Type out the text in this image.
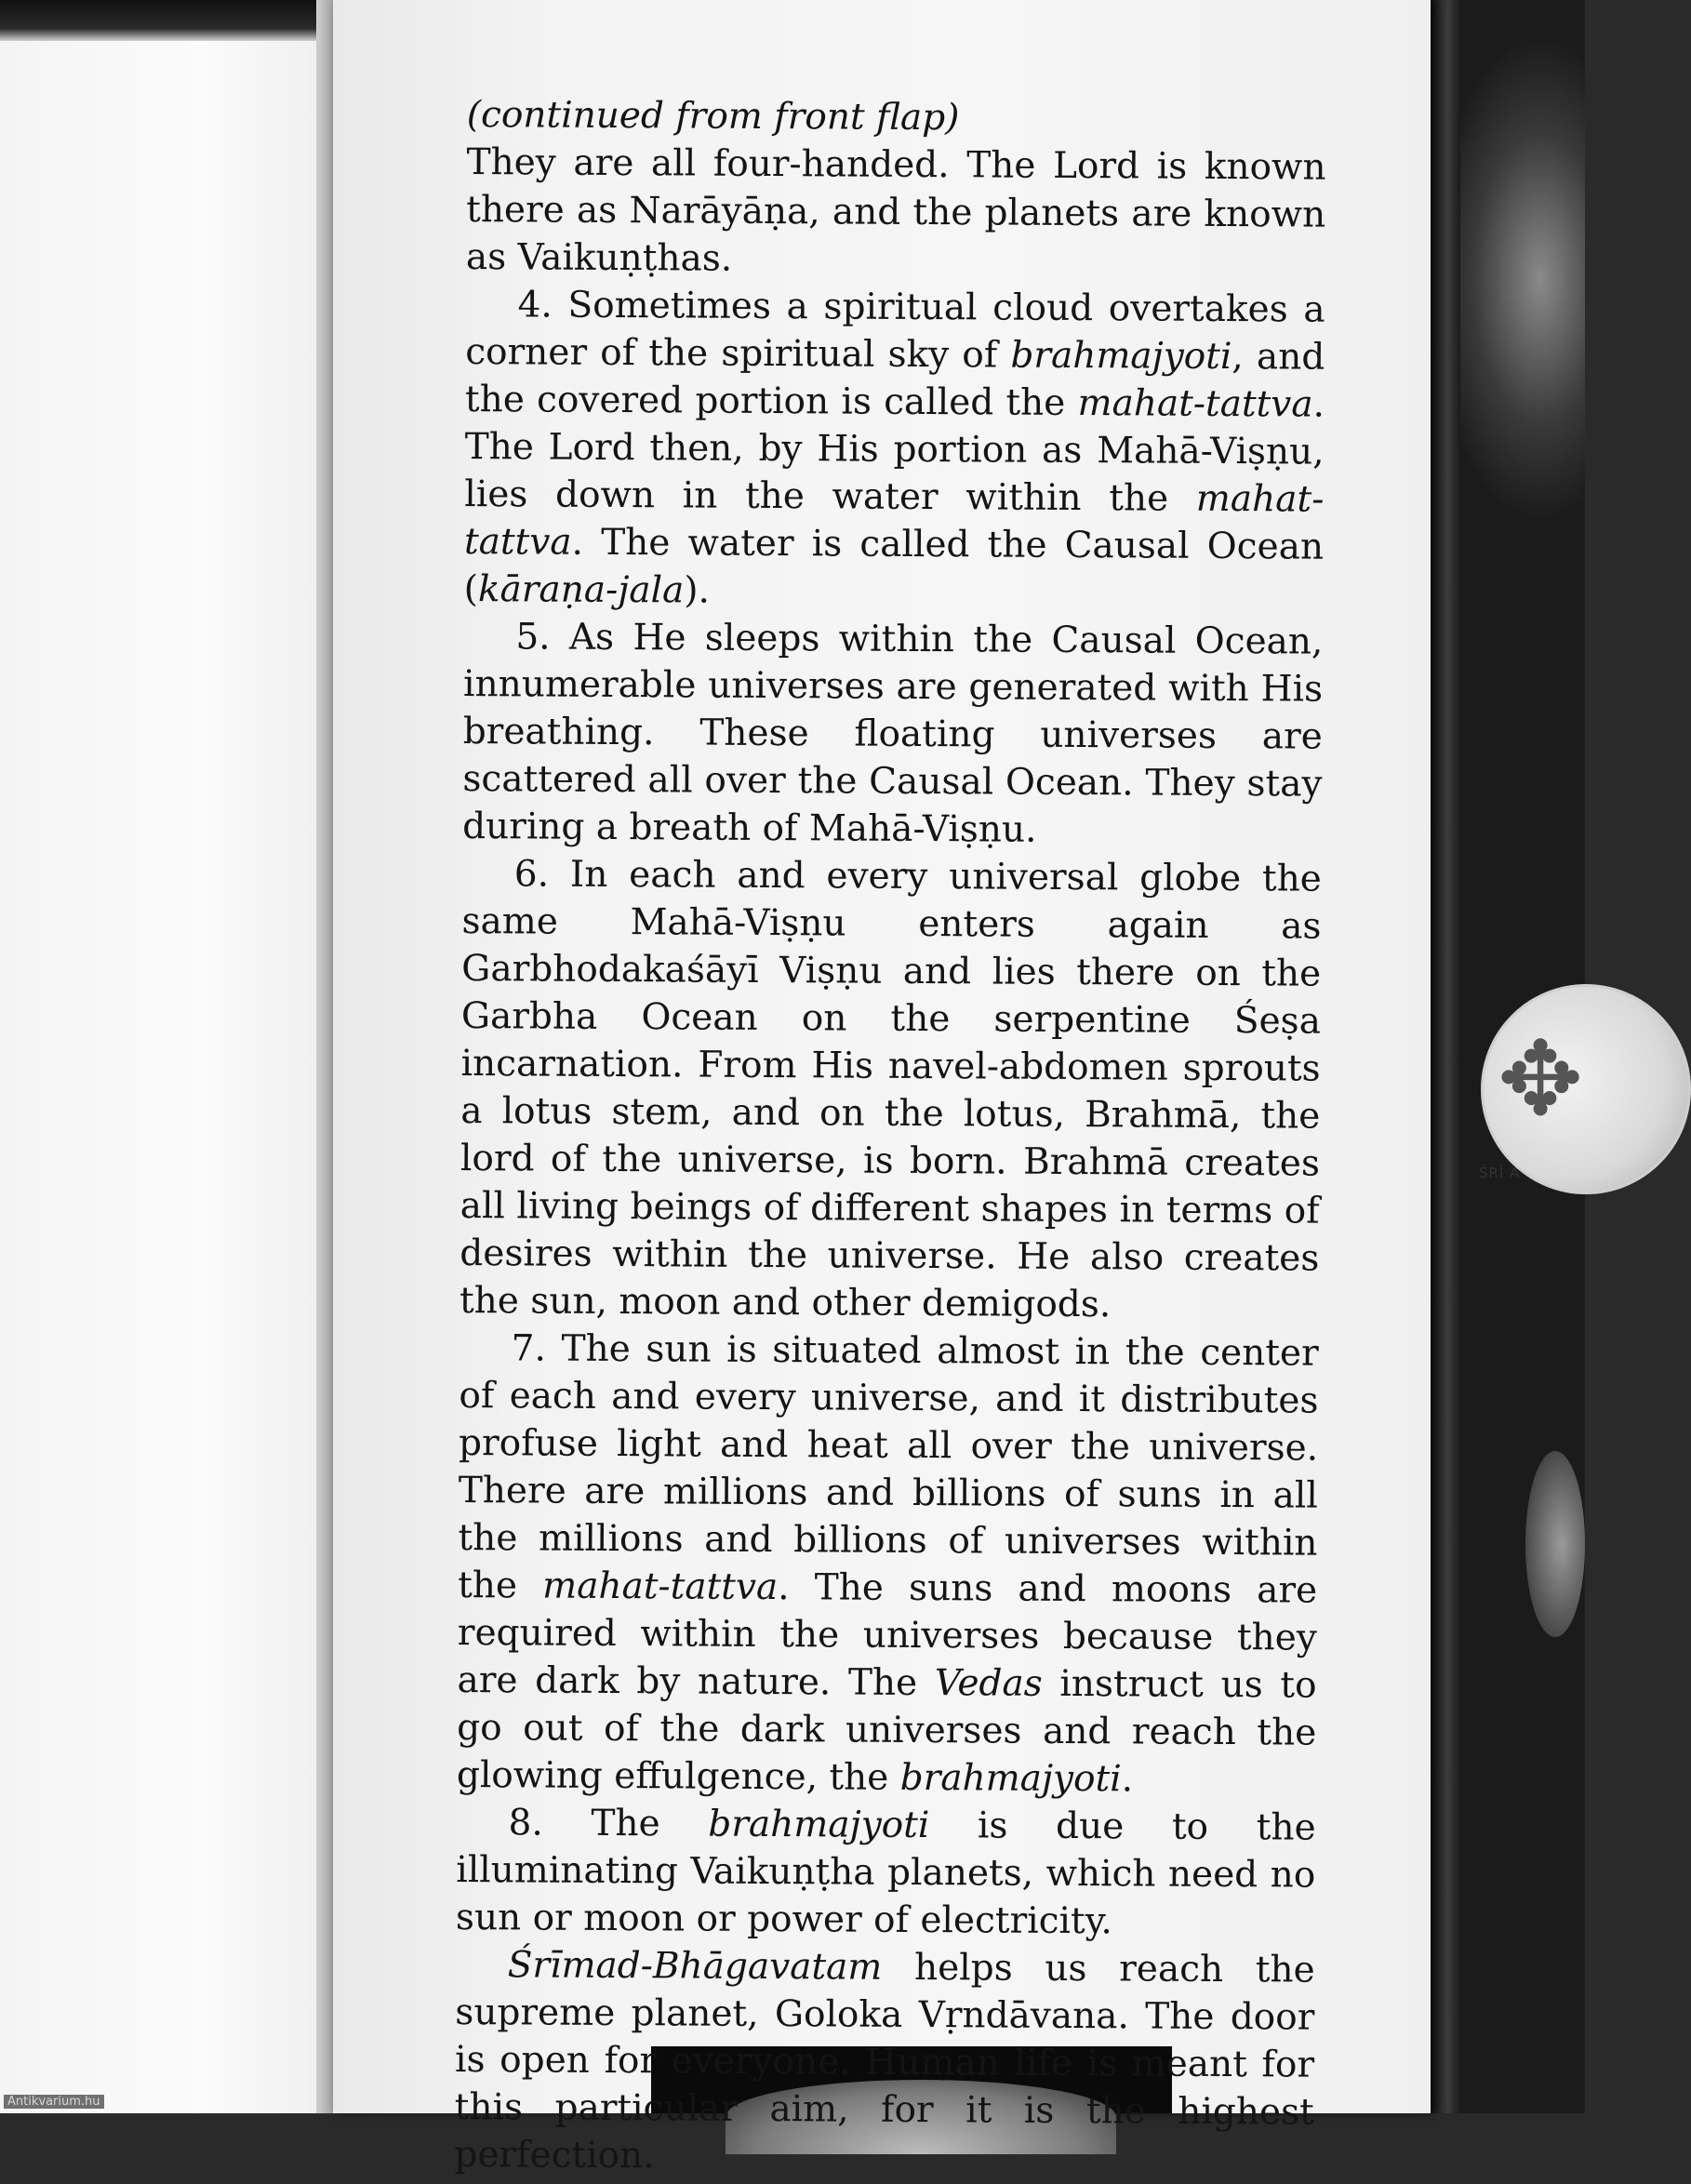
✥
ŚRĪ A

(continued from front flap)

They are all four-handed. The Lord is known there as Narāyāṇa, and the planets are known as Vaikuṇṭhas.

4. Sometimes a spiritual cloud overtakes a corner of the spiritual sky of brahmajyoti, and the covered portion is called the mahat-tattva. The Lord then, by His portion as Mahā-Viṣṇu, lies down in the water within the mahat-tattva. The water is called the Causal Ocean (kāraṇa-jala).

5. As He sleeps within the Causal Ocean, innumerable universes are generated with His breathing. These floating universes are scattered all over the Causal Ocean. They stay during a breath of Mahā-Viṣṇu.

6. In each and every universal globe the same Mahā-Viṣṇu enters again as Garbhodakaśāyī Viṣṇu and lies there on the Garbha Ocean on the serpentine Śeṣa incarnation. From His navel-abdomen sprouts a lotus stem, and on the lotus, Brahmā, the lord of the universe, is born. Brahmā creates all living beings of different shapes in terms of desires within the universe. He also creates the sun, moon and other demigods.

7. The sun is situated almost in the center of each and every universe, and it distributes profuse light and heat all over the universe. There are millions and billions of suns in all the millions and billions of universes within the mahat-tattva. The suns and moons are required within the universes because they are dark by nature. The Vedas instruct us to go out of the dark universes and reach the glowing effulgence, the brahmajyoti.

8. The brahmajyoti is due to the illuminating Vaikuṇṭha planets, which need no sun or moon or power of electricity.

Śrīmad-Bhāgavatam helps us reach the supreme planet, Goloka Vṛndāvana. The door is open for everyone. Human life is meant for this particular aim, for it is the highest perfection.

Antikvarium.hu
